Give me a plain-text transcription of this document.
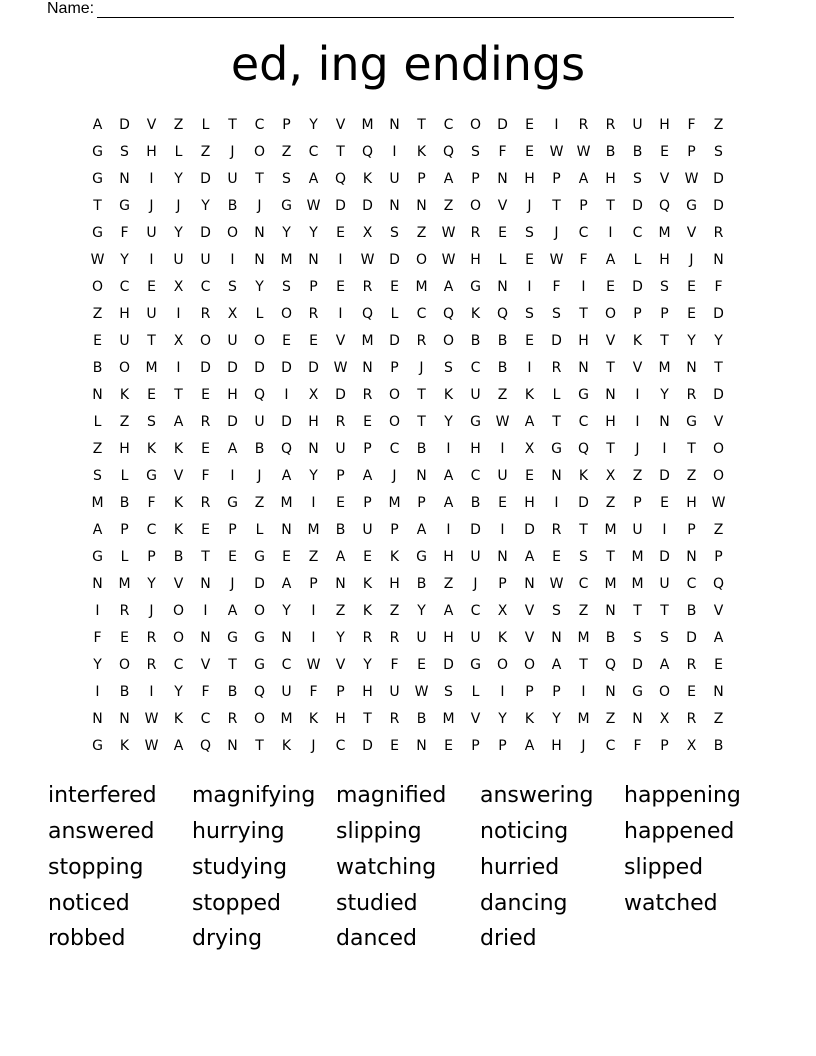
Name:
ed, ing endings
A	D	V	Z	L	T	C	P	Y	V	M	N	T	C	O	D	E	I	R	R	U	H	F	Z
G	S	H	L	Z	J	O	Z	C	T	Q	I	K	Q	S	F	E	W W	B	B	E	P	S
G	N	I	Y	D	U	T	S	A	Q	K	U	P	A	P	N	H	P	A	H	S	V	W	D
T	G	J	J	Y	B	J	G	W	D	D	N	N	Z	O	V	J	T	P	T	D	Q	G	D
G	F	U	Y	D	O	N	Y	Y	E	X	S	Z	W	R	E	S	J	C	I	C	M	V	R
W	Y	I	U	U	I	N	M	N	I	W	D	O	W	H	L	E	W	F	A	L	H	J	N
O	C	E	X	C	S	Y	S	P	E	R	E	M	A	G	N	I	F	I	E	D	S	E	F
Z	H	U	I	R	X	L	O	R	I	Q	L	C	Q	K	Q	S	S	T	O	P	P	E	D
E	U	T	X	O	U	O	E	E	V	M	D	R	O	B	B	E	D	H	V	K	T	Y	Y
B	O	M	I	D	D	D	D	D	W	N	P	J	S	C	B	I	R	N	T	V	M	N	T
N	K	E	T	E	H	Q	I	X	D	R	O	T	K	U	Z	K	L	G	N	I	Y	R	D
L	Z	S	A	R	D	U	D	H	R	E	O	T	Y	G	W	A	T	C	H	I	N	G	V
Z	H	K	K	E	A	B	Q	N	U	P	C	B	I	H	I	X	G	Q	T	J	I	T	O
S	L	G	V	F	I	J	A	Y	P	A	J	N	A	C	U	E	N	K	X	Z	D	Z	O
M	B	F	K	R	G	Z	M	I	E	P	M	P	A	B	E	H	I	D	Z	P	E	H	W
A	P	C	K	E	P	L	N	M	B	U	P	A	I	D	I	D	R	T	M	U	I	P	Z
G	L	P	B	T	E	G	E	Z	A	E	K	G	H	U	N	A	E	S	T	M	D	N	P
N	M	Y	V	N	J	D	A	P	N	K	H	B	Z	J	P	N	W	C	M	M	U	C	Q
I	R	J	O	I	A	O	Y	I	Z	K	Z	Y	A	C	X	V	S	Z	N	T	T	B	V
F	E	R	O	N	G	G	N	I	Y	R	R	U	H	U	K	V	N	M	B	S	S	D	A
Y	O	R	C	V	T	G	C	W	V	Y	F	E	D	G	O	O	A	T	Q	D	A	R	E
I	B	I	Y	F	B	Q	U	F	P	H	U	W	S	L	I	P	P	I	N	G	O	E	N
N	N	W	K	C	R	O	M	K	H	T	R	B	M	V	Y	K	Y	M	Z	N	X	R	Z
G	K	W	A	Q	N	T	K	J	C	D	E	N	E	P	P	A	H	J	C	F	P	X	B
interfered	magnifying magnified	answering	happening
answered	hurrying	slipping	noticing	happened
stopping	studying	watching	hurried	slipped
noticed	stopped	studied	dancing	watched
robbed	drying	danced	dried
